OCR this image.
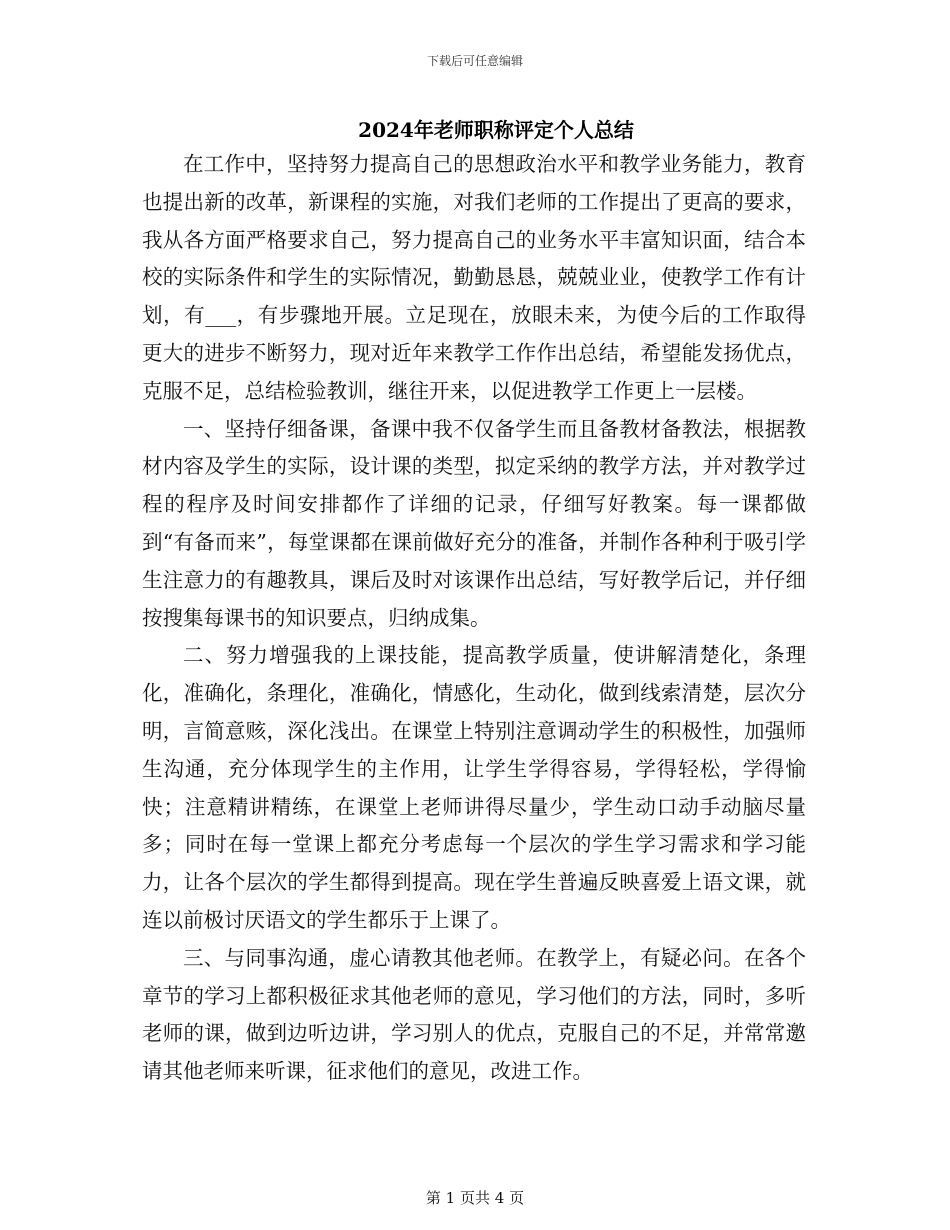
下载后可任意编辑
2024年老师职称评定个人总结

在工作中，坚持努力提高自己的思想政治水平和教学业务能力，教育也提出新的改革，新课程的实施，对我们老师的工作提出了更高的要求，我从各方面严格要求自己，努力提高自己的业务水平丰富知识面，结合本校的实际条件和学生的实际情况，勤勤恳恳，兢兢业业，使教学工作有计划，有___，有步骤地开展。立足现在，放眼未来，为使今后的工作取得更大的进步不断努力，现对近年来教学工作作出总结，希望能发扬优点，克服不足，总结检验教训，继往开来，以促进教学工作更上一层楼。

一、坚持仔细备课，备课中我不仅备学生而且备教材备教法，根据教材内容及学生的实际，设计课的类型，拟定采纳的教学方法，并对教学过程的程序及时间安排都作了详细的记录，仔细写好教案。每一课都做到“有备而来”，每堂课都在课前做好充分的准备，并制作各种利于吸引学生注意力的有趣教具，课后及时对该课作出总结，写好教学后记，并仔细按搜集每课书的知识要点，归纳成集。

二、努力增强我的上课技能，提高教学质量，使讲解清楚化，条理化，准确化，条理化，准确化，情感化，生动化，做到线索清楚，层次分明，言简意赅，深化浅出。在课堂上特别注意调动学生的积极性，加强师生沟通，充分体现学生的主作用，让学生学得容易，学得轻松，学得愉快；注意精讲精练，在课堂上老师讲得尽量少，学生动口动手动脑尽量多；同时在每一堂课上都充分考虑每一个层次的学生学习需求和学习能力，让各个层次的学生都得到提高。现在学生普遍反映喜爱上语文课，就连以前极讨厌语文的学生都乐于上课了。

三、与同事沟通，虚心请教其他老师。在教学上，有疑必问。在各个章节的学习上都积极征求其他老师的意见，学习他们的方法，同时，多听老师的课，做到边听边讲，学习别人的优点，克服自己的不足，并常常邀请其他老师来听课，征求他们的意见，改进工作。

第 1 页共 4 页
